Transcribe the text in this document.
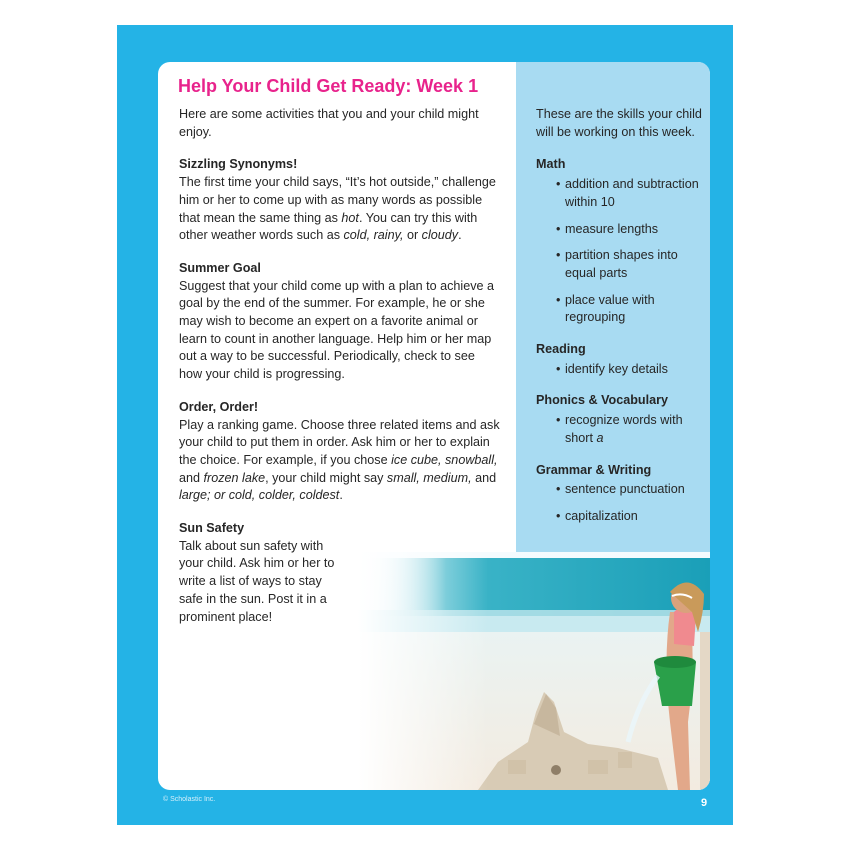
Help Your Child Get Ready: Week 1

Here are some activities that you and your child might enjoy.

Sizzling Synonyms!

The first time your child says, “It’s hot outside,” challenge him or her to come up with as many words as possible that mean the same thing as hot. You can try this with other weather words such as cold, rainy, or cloudy.

Summer Goal

Suggest that your child come up with a plan to achieve a goal by the end of the summer. For example, he or she may wish to become an expert on a favorite animal or learn to count in another language. Help him or her map out a way to be successful. Periodically, check to see how your child is progressing.

Order, Order!

Play a ranking game. Choose three related items and ask your child to put them in order. Ask him or her to explain the choice. For example, if you chose ice cube, snowball, and frozen lake, your child might say small, medium, and large; or cold, colder, coldest.

Sun Safety

Talk about sun safety with your child. Ask him or her to write a list of ways to stay safe in the sun. Post it in a prominent place!

These are the skills your child will be working on this week.

Math
• addition and subtraction within 10
• measure lengths
• partition shapes into equal parts
• place value with regrouping
Reading
• identify key details
Phonics & Vocabulary
• recognize words with short a
Grammar & Writing
• sentence punctuation
• capitalization
© Scholastic Inc.	9
